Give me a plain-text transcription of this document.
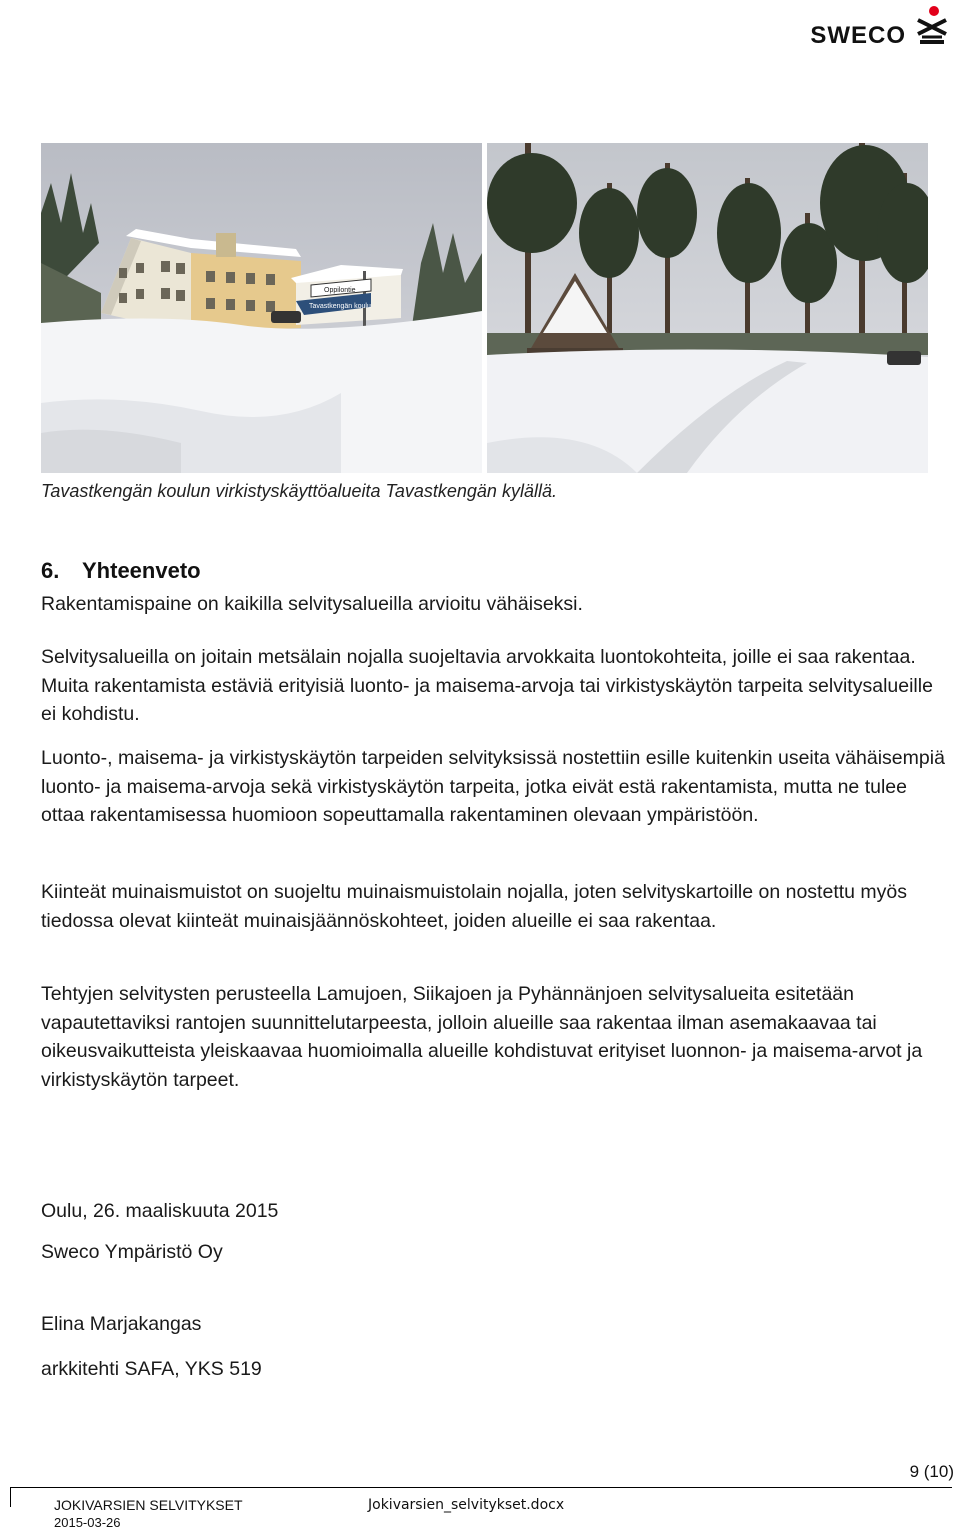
SWECO
Oppilontie
Tavastkengän koulu
Tavastkengän koulun virkistyskäyttöalueita Tavastkengän kylällä.
6. Yhteenveto

Rakentamispaine on kaikilla selvitysalueilla arvioitu vähäiseksi.

Selvitysalueilla on joitain metsälain nojalla suojeltavia arvokkaita luontokohteita, joille ei saa rakentaa. Muita rakentamista estäviä erityisiä luonto- ja maisema-arvoja tai virkistyskäytön tarpeita selvitysalueille ei kohdistu.

Luonto-, maisema- ja virkistyskäytön tarpeiden selvityksissä nostettiin esille kuitenkin useita vähäisempiä luonto- ja maisema-arvoja sekä virkistyskäytön tarpeita, jotka eivät estä rakentamista, mutta ne tulee ottaa rakentamisessa huomioon sopeuttamalla rakentaminen olevaan ympäristöön.

Kiinteät muinaismuistot on suojeltu muinaismuistolain nojalla, joten selvityskartoille on nostettu myös tiedossa olevat kiinteät muinaisjäännöskohteet, joiden alueille ei saa rakentaa.

Tehtyjen selvitysten perusteella Lamujoen, Siikajoen ja Pyhännänjoen selvitysalueita esitetään vapautettaviksi rantojen suunnittelutarpeesta, jolloin alueille saa rakentaa ilman asemakaavaa tai oikeusvaikutteista yleiskaavaa huomioimalla alueille kohdistuvat erityiset luonnon- ja maisema-arvot ja virkistyskäytön tarpeet.

Oulu, 26. maaliskuuta 2015
Sweco Ympäristö Oy
Elina Marjakangas
arkkitehti SAFA, YKS 519
9 (10)
JOKIVARSIEN SELVITYKSET
2015-03-26
Jokivarsien_selvitykset.docx
